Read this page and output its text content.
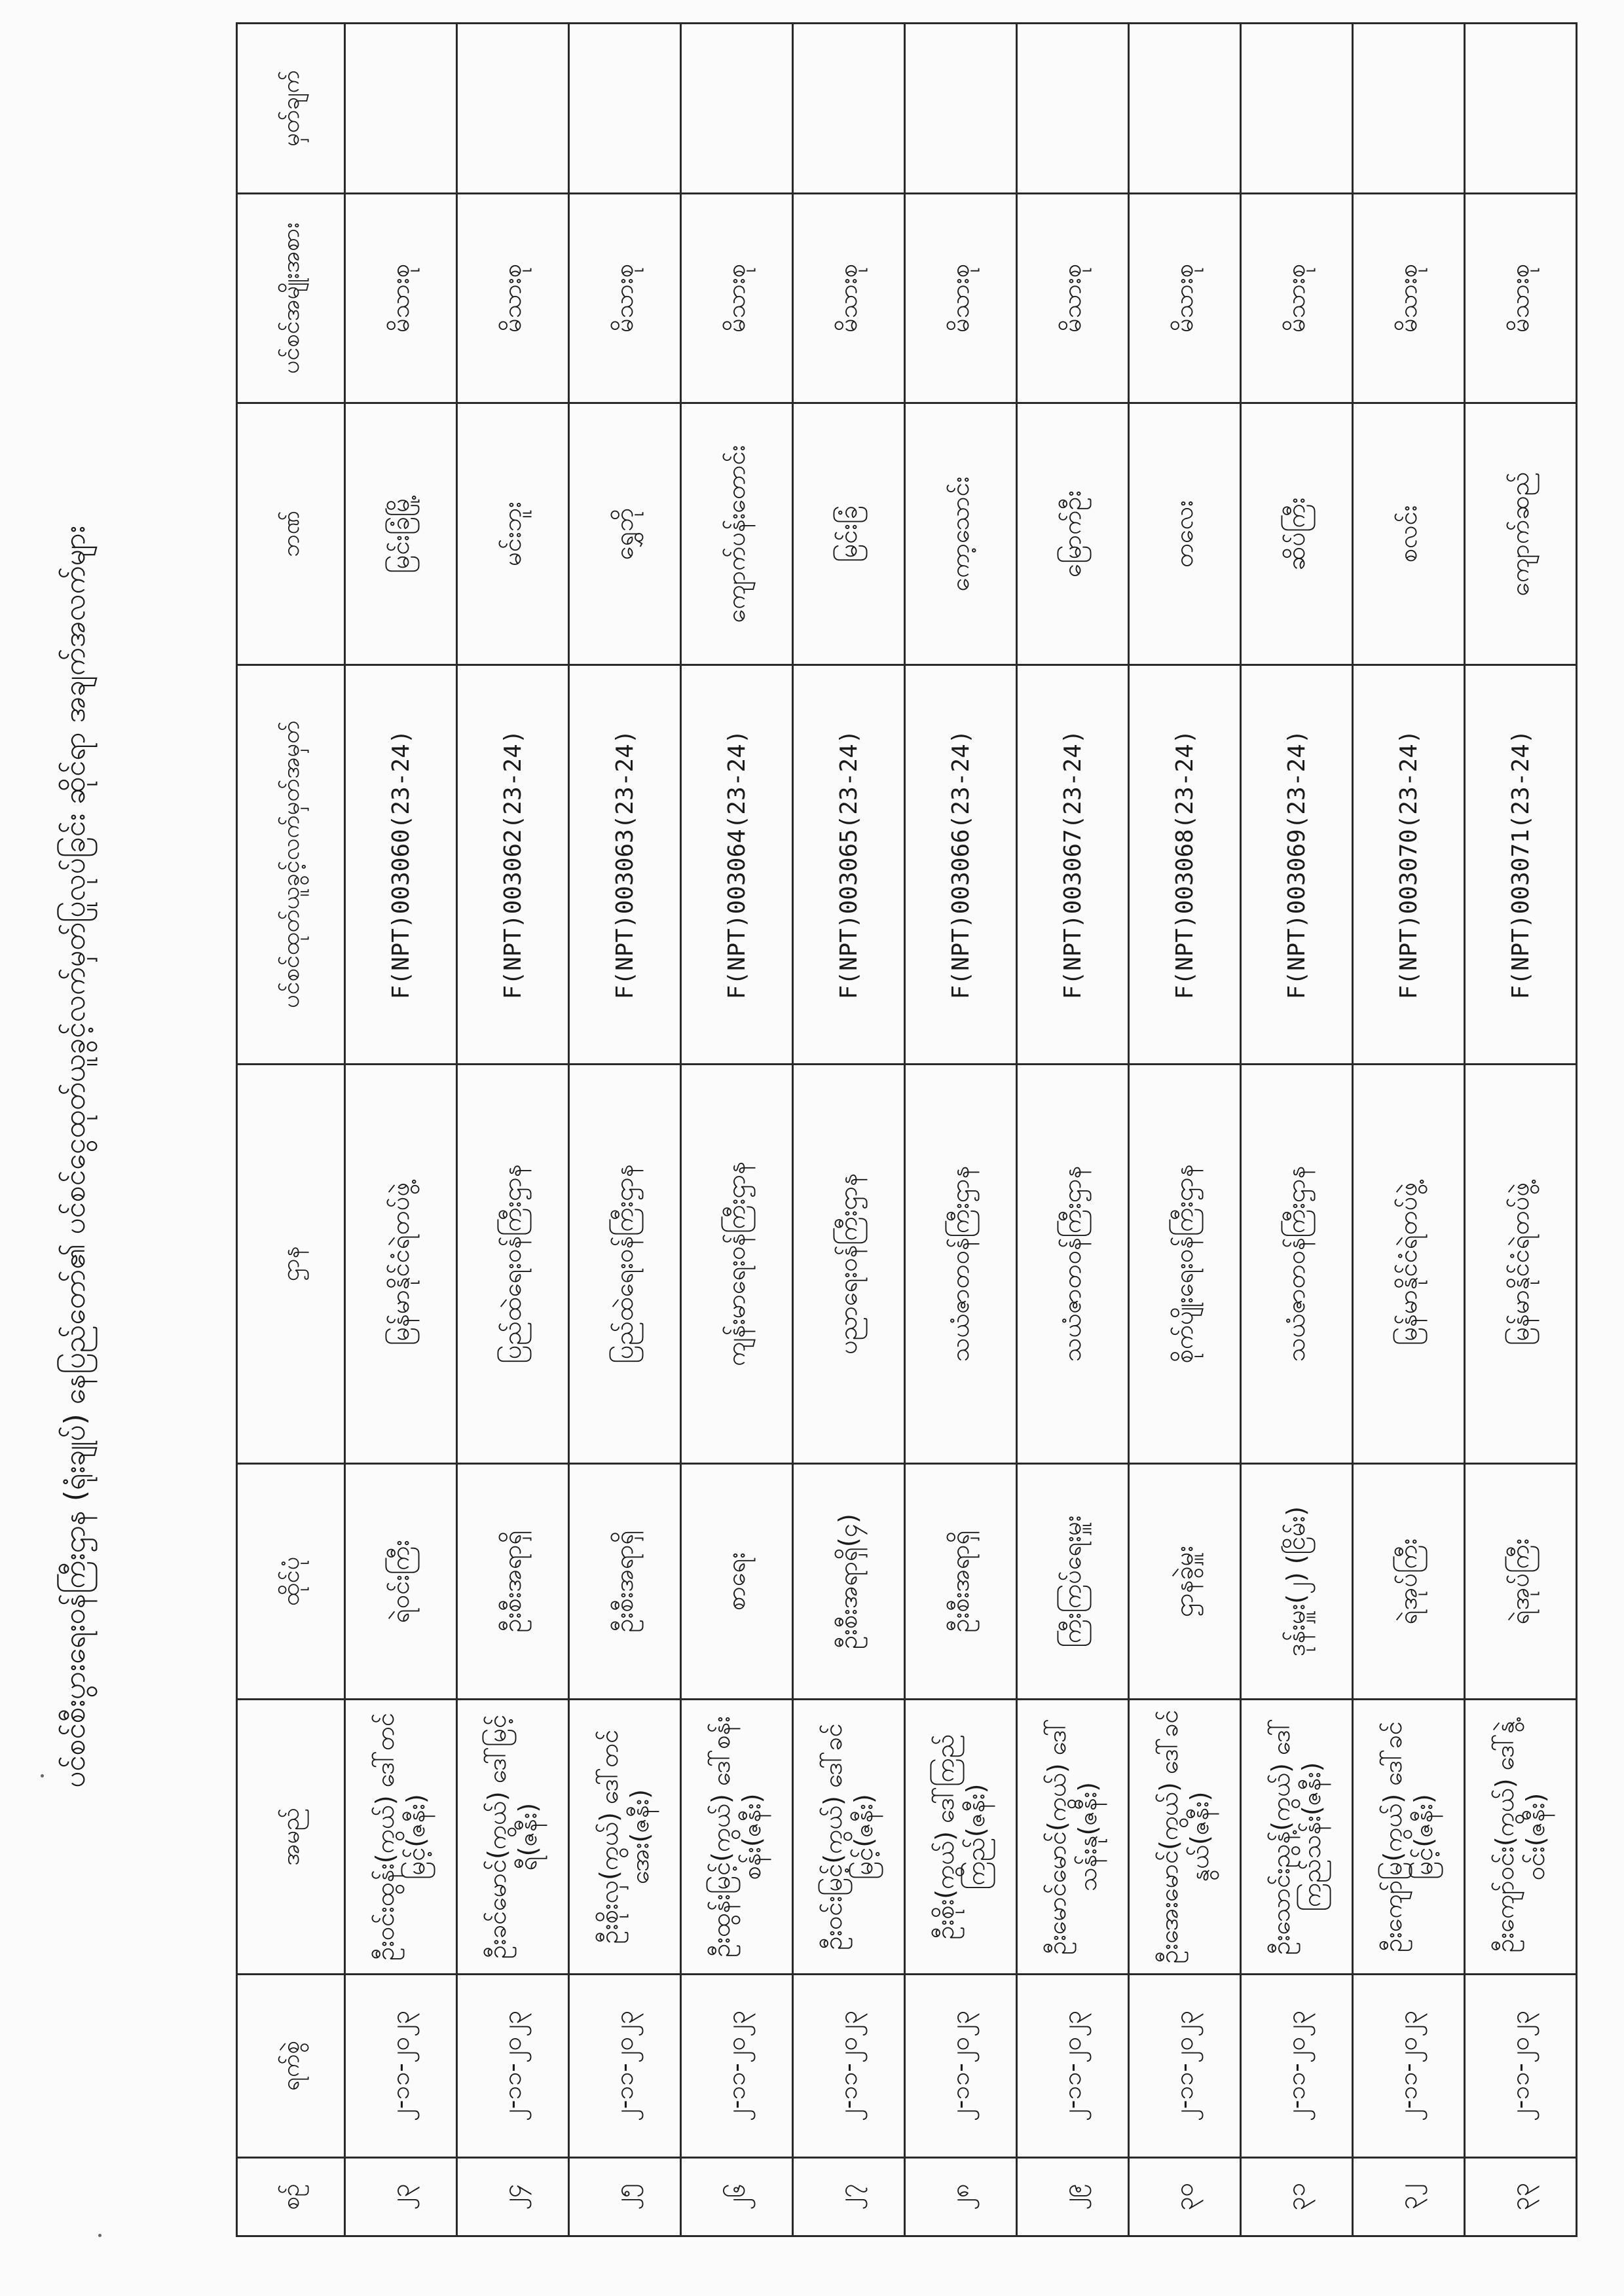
ပင်စင်စီးပွားရေးဝန်ကြီးဌာန (ရုံးချုပ်) နေပြည်တော်၏ ပင်စင်ငွေထုတ်ယူခွင့်လက်မှတ်ပြုလုပ်ခြင်း ဆိုင်ရာ အချက်အလက်များ
စဉ်	ရက်စွဲ	အမည်	ထိုင်ပုံ	ဌာန	ပင်စင်ထုတ်ယူခွင့်လက်မှတ်အမှတ်	ဘဏ်	ပင်စင်အမျိုးအစား	မှတ်ချက်
၂၃	၂-၁၁-၂၀၂၃	ဦးဝင်းထွန်း(ကွယ်) ဒေါ်တင်မြင့်(ဇနီး)	ရဲဝင်းကြီး	မြန်မာနိုင်ငံရဲတပ်ဖွဲ့	F(NPT)003060(23-24)	မြင်းခြံမြို့	မိသားစု	
၂၄	၂-၁၁-၂၀၂၃	ဦးခင်မောင်(ကွယ်) ဒေါ်မြင့်ရီ(ဇနီး)	ဦးစီးအရာရှိ	ပြည်ထဲရေးဝန်ကြီးဌာန	F(NPT)003062(23-24)	မင်းဘူး	မိသားစု	
၂၅	၂-၁၁-၂၀၂၃	ဦးစိုးလှ(ကွယ်) ဒေါ်တင်အေး(ဇနီး)	ဦးစီးအရာရှိ	ပြည်ထဲရေးဝန်ကြီးဌာန	F(NPT)003063(23-24)	ရွှေဘို	မိသားစု	
၂၆	၂-၁၁-၂၀၂၃	ဦးထွန်းမြင့်(ကွယ်) ဒေါ်စန်းစန်း(ဇနီး)	စာရေး	ကျန်းမာရေးဝန်ကြီးဌာန	F(NPT)003064(23-24)	ကျောက်ပန်းတောင်း	မိသားစု	
၂၇	၂-၁၁-၂၀၂၃	ဦးဝင်းမြင့်(ကွယ်) ဒေါ်ခင်မြင့်(ဇနီး)	ဦးစီးအရာရှိ(၄)	ပညာရေးဝန်ကြီးဌာန	F(NPT)003065(23-24)	မြင်းခြံ	မိသားစု	
၂၈	၂-၁၁-၂၀၂၃	ဦးစိုး(ကွယ်) ဒေါ်ကြည်ကြည်(ဇနီး)	ဦးစီးအရာရှိ	သယံဇာတဝန်ကြီးဌာန	F(NPT)003066(23-24)	ကော့သောင်း	မိသားစု	
၂၉	၂-၁၁-၂၀၂၃	ဦးမောင်မောင်(ကွယ်) ဒေါ်သန်းနု(ဇနီး)	ကြီးကြပ်ရေးမှူး	သယံဇာတဝန်ကြီးဌာန	F(NPT)003067(23-24)	မြောက်ဦး	မိသားစု	
၃၀	၂-၁၁-၂၀၂၃	ဦးအေးမောင်(ကွယ်) ဒေါ်ခင်နွယ်(ဇနီး)	ဌာနခွဲမှူး	စိုက်ပျိုးရေးဝန်ကြီးဌာန	F(NPT)003068(23-24)	တလေး	မိသားစု	
၃၁	၂-၁၁-၂၀၂၃	ဦးသောင်းညွန့်(ကွယ်) ဒေါ်ကြည်သန်း(ဇနီး)	ဒုန်းမှူး(၂) (ငြိမ်း)	သယံဇာတဝန်ကြီးဌာန	F(NPT)003069(23-24)	ဆိပ်ကြီး	မိသားစု	
၃၂	၂-၁၁-၂၀၂၃	ဦးကျော်မြ(ကွယ်) ဒေါ်ခင်မြင့်(ဇနီး)	ရဲအုပ်ကြီး	မြန်မာနိုင်ငံရဲတပ်ဖွဲ့	F(NPT)003070(23-24)	စလင်း	မိသားစု	
၃၃	၂-၁၁-၂၀၂၃	ဦးကျော်ဝင်း(ကွယ်) ဒေါ်နွဲ့ဝင်း(ဇနီး)	ရဲအုပ်ကြီး	မြန်မာနိုင်ငံရဲတပ်ဖွဲ့	F(NPT)003071(23-24)	ကျောက်ဆည်	မိသားစု	
